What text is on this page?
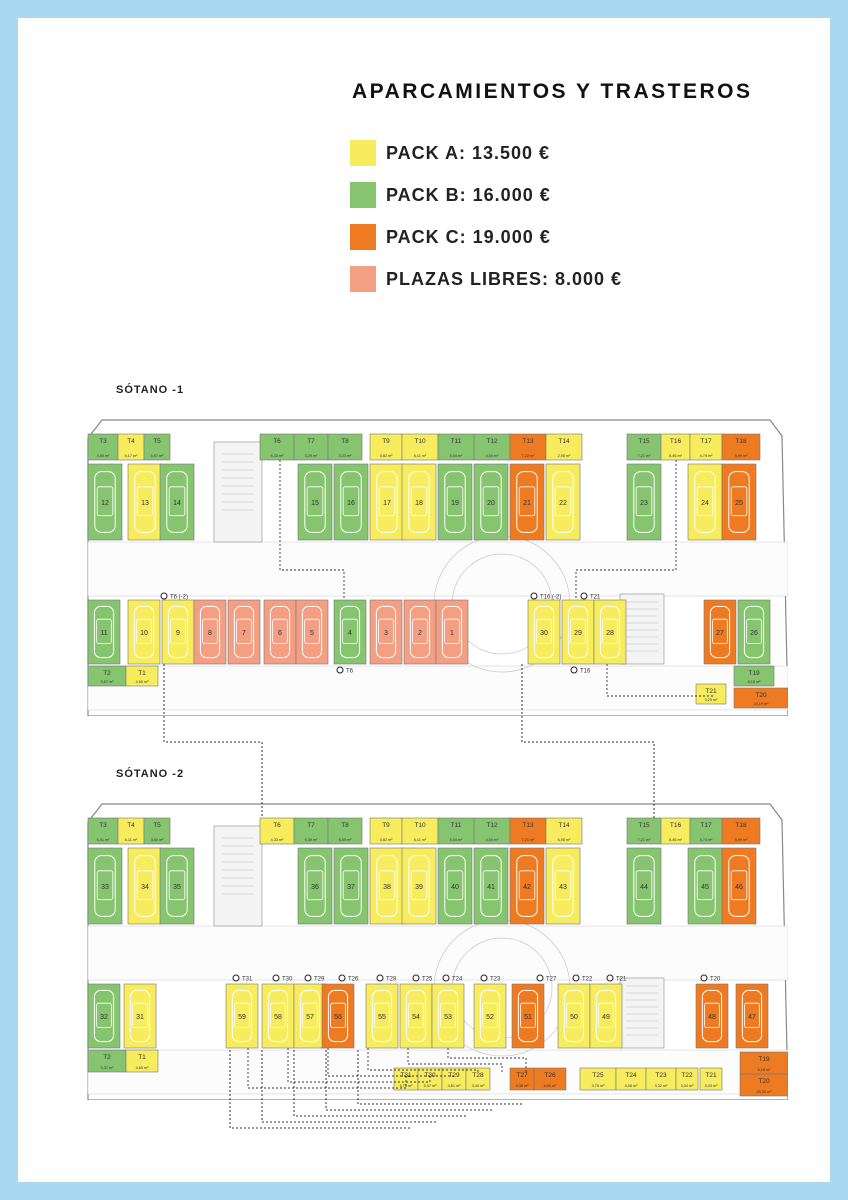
APARCAMIENTOS Y TRASTEROS
PACK A: 13.500 €
PACK B: 16.000 €
PACK C: 19.000 €
PLAZAS LIBRES: 8.000 €
SÓTANO -1
T3
4,65 m²
T4
5,17 m²
T5
5,57 m²
T6
6,33 m²
T7
3,29 m²
T8
3,23 m²
T9
3,82 m²
T10
6,11 m²
T11
5,54 m²
T12
4,00 m²
T13
7,22 m²
T14
2,95 m²
T15
7,21 m²
T16
5,46 m²
T17
4,74 m²
T18
6,99 m²
12	13	14	15	16	17	18	19	20	21	22	23	24	25
11	10	9	8	7	6	5	4	3	2	1	30	29	28	27	26
T2
5,67 m²
T1
4,65 m²
T19
6,18 m²
T20
24,19 m²
T21
3,25 m²
T6 (-2)
T6
T16 (-2)	T21
T16
SÓTANO -2
T3
6,41 m²
T4
6,11 m²
T5
3,60 m²
T6
4,33 m²
T7
6,39 m²
T8
6,55 m²
T9
3,82 m²
T10
6,11 m²
T11
5,54 m²
T12
4,00 m²
T13
7,21 m²
T14
6,95 m²
T15
7,21 m²
T16
5,46 m²
T17
4,74 m²
T18
6,99 m²
33	34	35	36	37	38	39	40	41	42	43	44	45	46
32	31	59	58	57	56	55	54	53	52	51	50	49	48	47
T2
5,37 m²
T1
4,65 m²
T31
5,75 m²
T30
5,37 m²
T29
4,61 m²
T28
3,40 m²
T27
4,38 m²
T26
6,95 m²
T25
3,75 m²
T24
4,06 m²
T23
3,32 m²
T22
3,04 m²
T21
3,03 m²
T20
25,30 m²
T19
6,18 m²
T31	T30	T29	T26	T28	T25	T24	T23	T27	T22	T21	T20
